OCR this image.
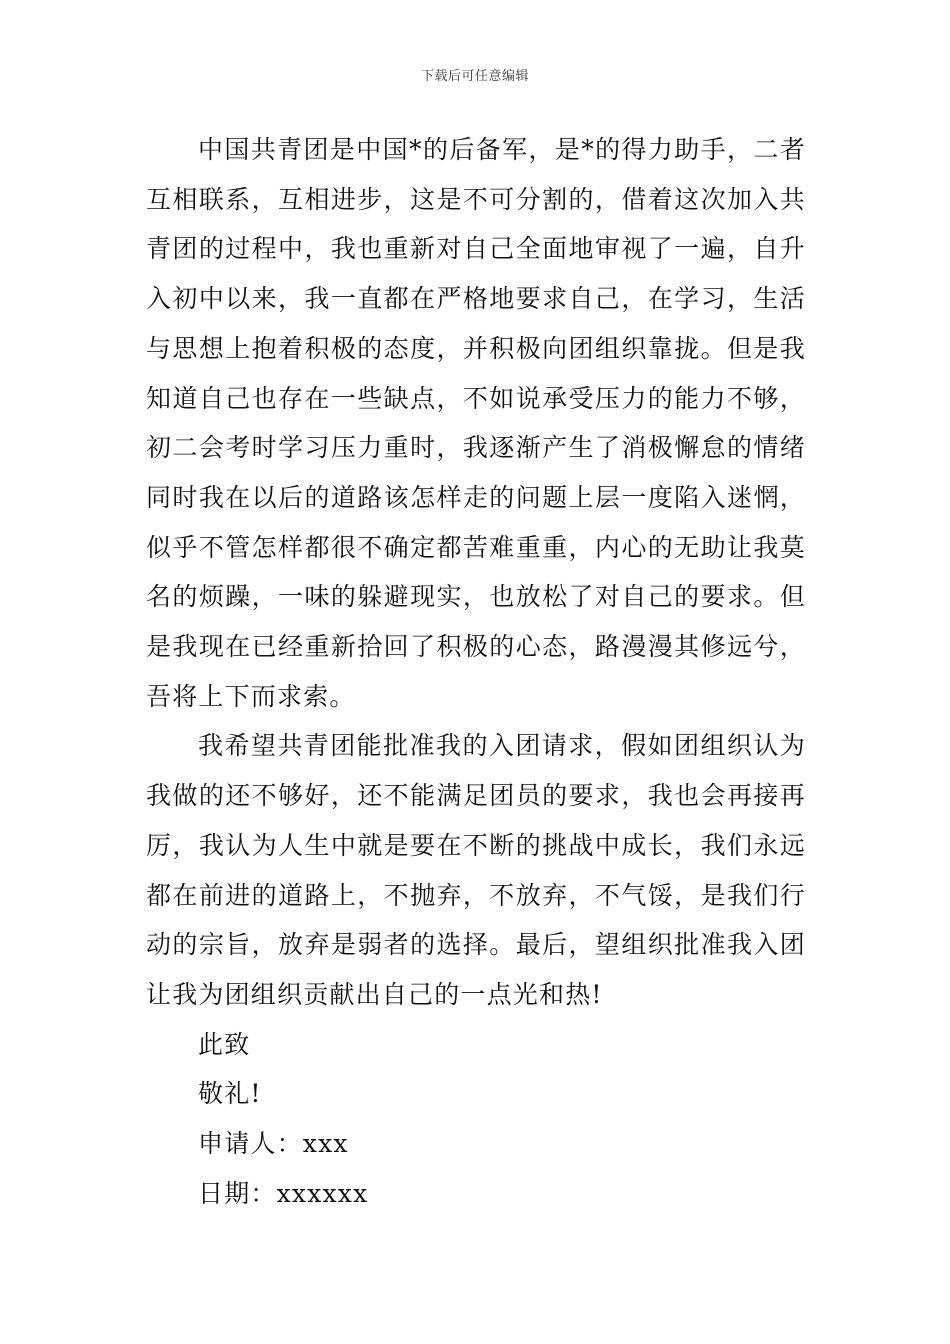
下载后可任意编辑

中国共青团是中国*的后备军，是*的得力助手，二者互相联系，互相进步，这是不可分割的，借着这次加入共青团的过程中，我也重新对自己全面地审视了一遍，自升入初中以来，我一直都在严格地要求自己，在学习，生活与思想上抱着积极的态度，并积极向团组织靠拢。但是我知道自己也存在一些缺点，不如说承受压力的能力不够，初二会考时学习压力重时，我逐渐产生了消极懈怠的情绪同时我在以后的道路该怎样走的问题上层一度陷入迷惘，似乎不管怎样都很不确定都苦难重重，内心的无助让我莫名的烦躁，一味的躲避现实，也放松了对自己的要求。但是我现在已经重新拾回了积极的心态，路漫漫其修远兮，吾将上下而求索。

我希望共青团能批准我的入团请求，假如团组织认为我做的还不够好，还不能满足团员的要求，我也会再接再厉，我认为人生中就是要在不断的挑战中成长，我们永远都在前进的道路上，不抛弃，不放弃，不气馁，是我们行动的宗旨，放弃是弱者的选择。最后，望组织批准我入团让我为团组织贡献出自己的一点光和热!

此致

敬礼!

申请人：xxx

日期：xxxxxx
